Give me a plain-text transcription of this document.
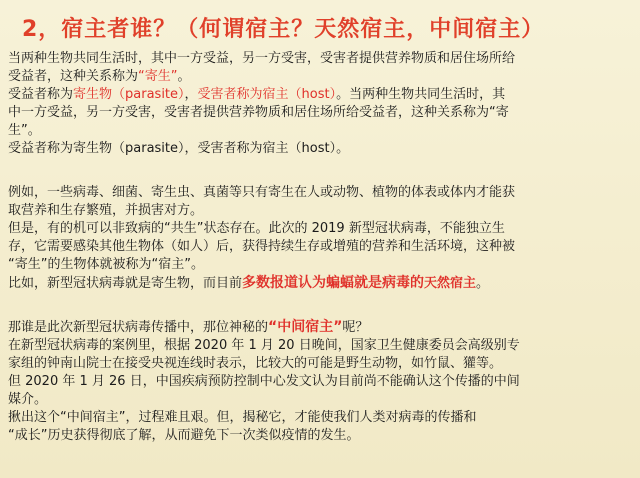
2，宿主者谁？（何谓宿主？天然宿主，中间宿主）
当两种生物共同生活时，其中一方受益，另一方受害，受害者提供营养物质和居住场所给
受益者，这种关系称为“寄生”。
受益者称为寄生物（parasite），受害者称为宿主（host）。当两种生物共同生活时，其
中一方受益，另一方受害，受害者提供营养物质和居住场所给受益者，这种关系称为“寄
生”。
受益者称为寄生物（parasite），受害者称为宿主（host）。
例如，一些病毒、细菌、寄生虫、真菌等只有寄生在人或动物、植物的体表或体内才能获
取营养和生存繁殖，并损害对方。
但是，有的机可以非致病的“共生”状态存在。此次的 2019 新型冠状病毒，不能独立生
存，它需要感染其他生物体（如人）后，获得持续生存或增殖的营养和生活环境，这种被
“寄生”的生物体就被称为“宿主”。
比如，新型冠状病毒就是寄生物，而目前多数报道认为蝙蝠就是病毒的天然宿主。
那谁是此次新型冠状病毒传播中，那位神秘的“中间宿主”呢？
在新型冠状病毒的案例里，根据 2020 年 1 月 20 日晚间，国家卫生健康委员会高级别专
家组的钟南山院士在接受央视连线时表示，比较大的可能是野生动物，如竹鼠、獾等。
但 2020 年 1 月 26 日，中国疾病预防控制中心发文认为目前尚不能确认这个传播的中间
媒介。
揪出这个“中间宿主”，过程难且艰。但，揭秘它，才能使我们人类对病毒的传播和
“成长”历史获得彻底了解，从而避免下一次类似疫情的发生。
